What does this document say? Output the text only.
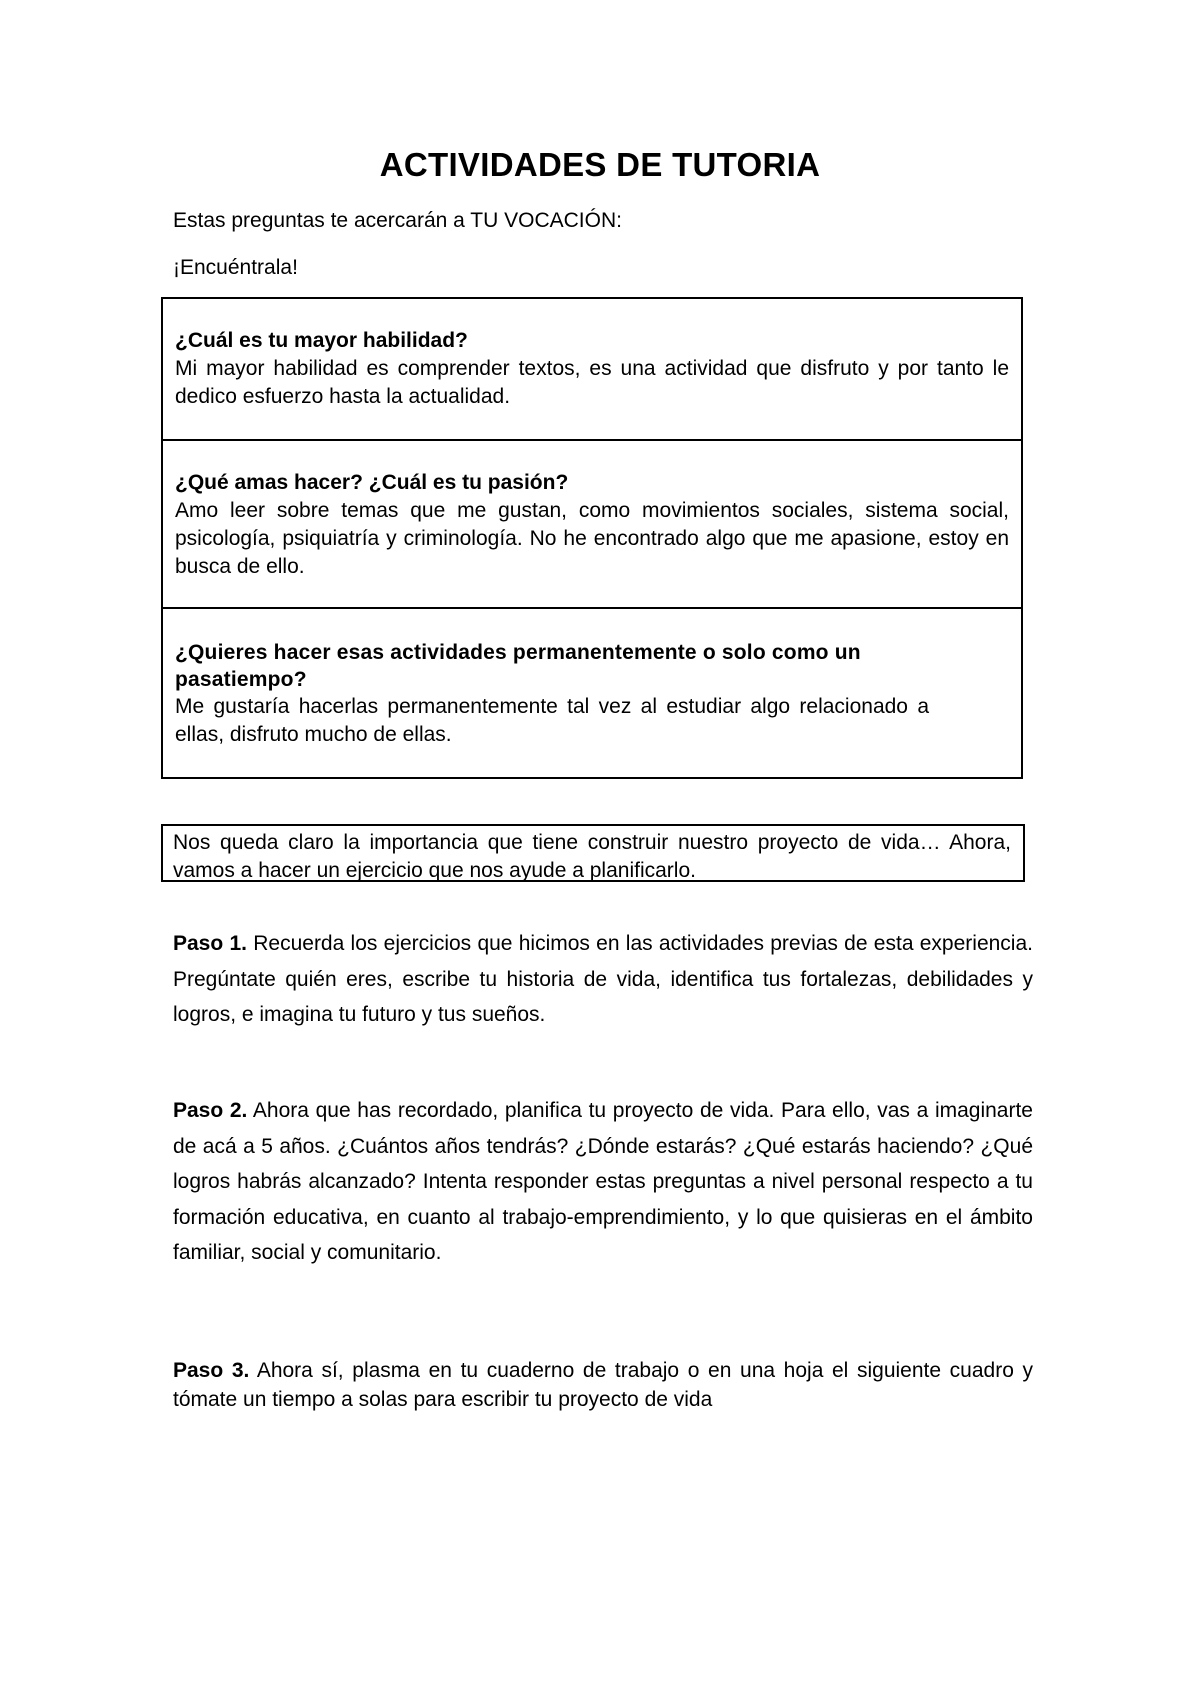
ACTIVIDADES DE TUTORIA

Estas preguntas te acercarán a TU VOCACIÓN:

¡Encuéntrala!

¿Cuál es tu mayor habilidad?
Mi mayor habilidad es comprender textos, es una actividad que disfruto y por tanto le dedico esfuerzo hasta la actualidad.
¿Qué amas hacer? ¿Cuál es tu pasión?
Amo leer sobre temas que me gustan, como movimientos sociales, sistema social, psicología, psiquiatría y criminología. No he encontrado algo que me apasione, estoy en busca de ello.
¿Quieres hacer esas actividades permanentemente o solo como un pasatiempo?
Me gustaría hacerlas permanentemente tal vez al estudiar algo relacionado a ellas, disfruto mucho de ellas.
Nos queda claro la importancia que tiene construir nuestro proyecto de vida… Ahora, vamos a hacer un ejercicio que nos ayude a planificarlo.

Paso 1. Recuerda los ejercicios que hicimos en las actividades previas de esta experiencia. Pregúntate quién eres, escribe tu historia de vida, identifica tus fortalezas, debilidades y logros, e imagina tu futuro y tus sueños.

Paso 2. Ahora que has recordado, planifica tu proyecto de vida. Para ello, vas a imaginarte de acá a 5 años. ¿Cuántos años tendrás? ¿Dónde estarás? ¿Qué estarás haciendo? ¿Qué logros habrás alcanzado? Intenta responder estas preguntas a nivel personal respecto a tu formación educativa, en cuanto al trabajo-emprendimiento, y lo que quisieras en el ámbito familiar, social y comunitario.

Paso 3. Ahora sí, plasma en tu cuaderno de trabajo o en una hoja el siguiente cuadro y tómate un tiempo a solas para escribir tu proyecto de vida
